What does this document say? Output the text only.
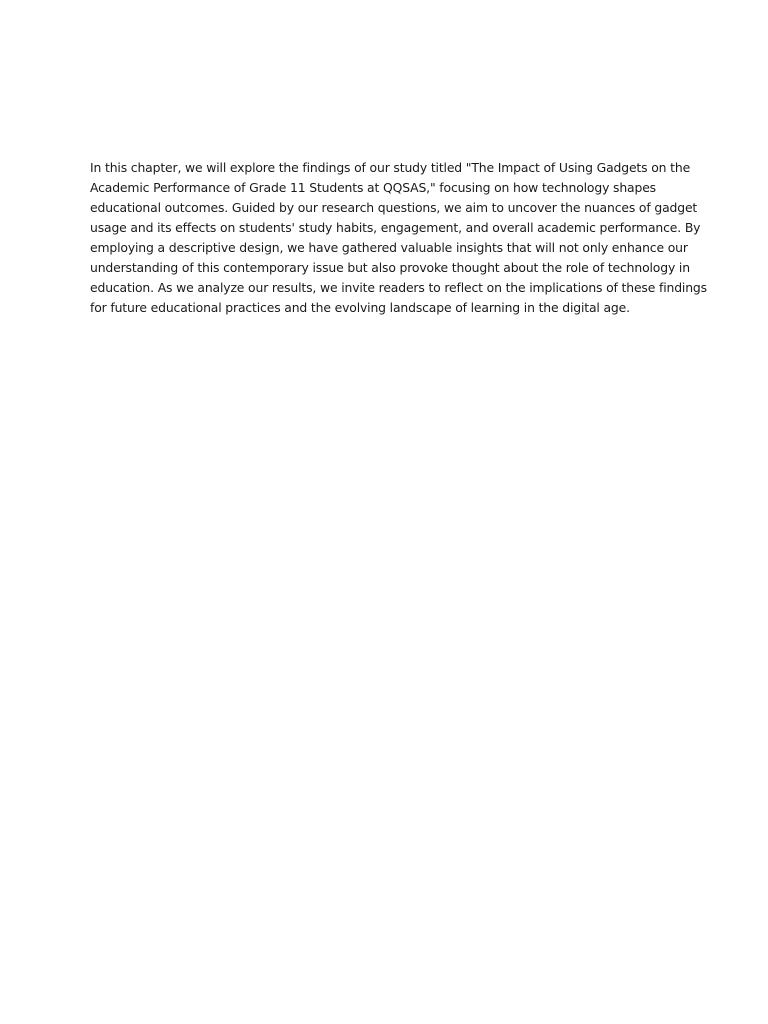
In this chapter, we will explore the findings of our study titled "The Impact of Using Gadgets on the
Academic Performance of Grade 11 Students at QQSAS," focusing on how technology shapes
educational outcomes. Guided by our research questions, we aim to uncover the nuances of gadget
usage and its effects on students' study habits, engagement, and overall academic performance. By
employing a descriptive design, we have gathered valuable insights that will not only enhance our
understanding of this contemporary issue but also provoke thought about the role of technology in
education. As we analyze our results, we invite readers to reflect on the implications of these findings
for future educational practices and the evolving landscape of learning in the digital age.
